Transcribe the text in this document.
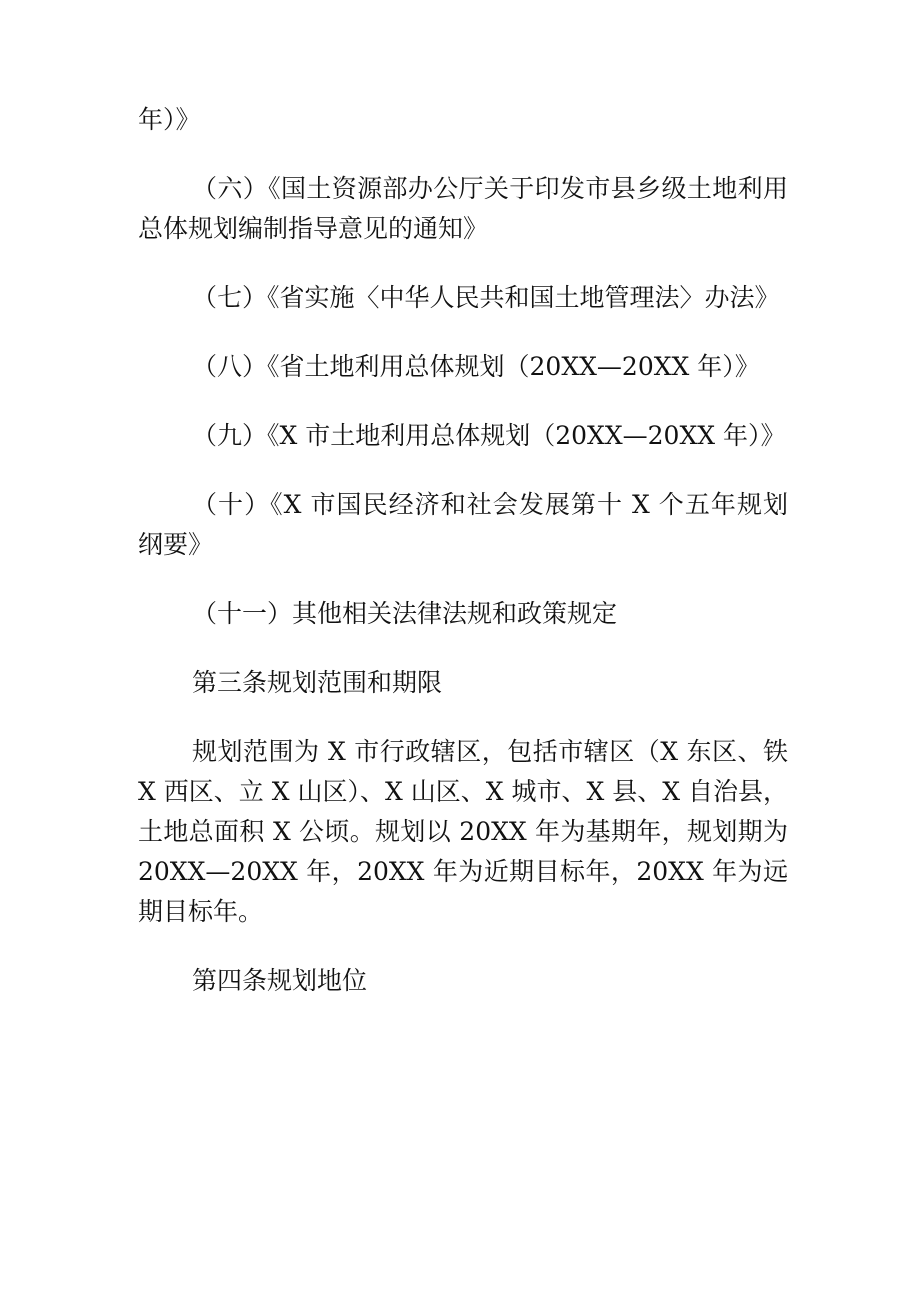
年）》

（六）《国土资源部办公厅关于印发市县乡级土地利用总体规划编制指导意见的通知》

（七）《省实施〈中华人民共和国土地管理法〉办法》

（八）《省土地利用总体规划（20XX—20XX 年）》

（九）《X 市土地利用总体规划（20XX—20XX 年）》

（十）《X 市国民经济和社会发展第十 X 个五年规划纲要》

（十一）其他相关法律法规和政策规定

第三条规划范围和期限

规划范围为 X 市行政辖区，包括市辖区（X 东区、铁 X 西区、立 X 山区）、X 山区、X 城市、X 县、X 自治县，土地总面积 X 公顷。规划以 20XX 年为基期年，规划期为 20XX—20XX 年，20XX 年为近期目标年，20XX 年为远期目标年。

第四条规划地位
